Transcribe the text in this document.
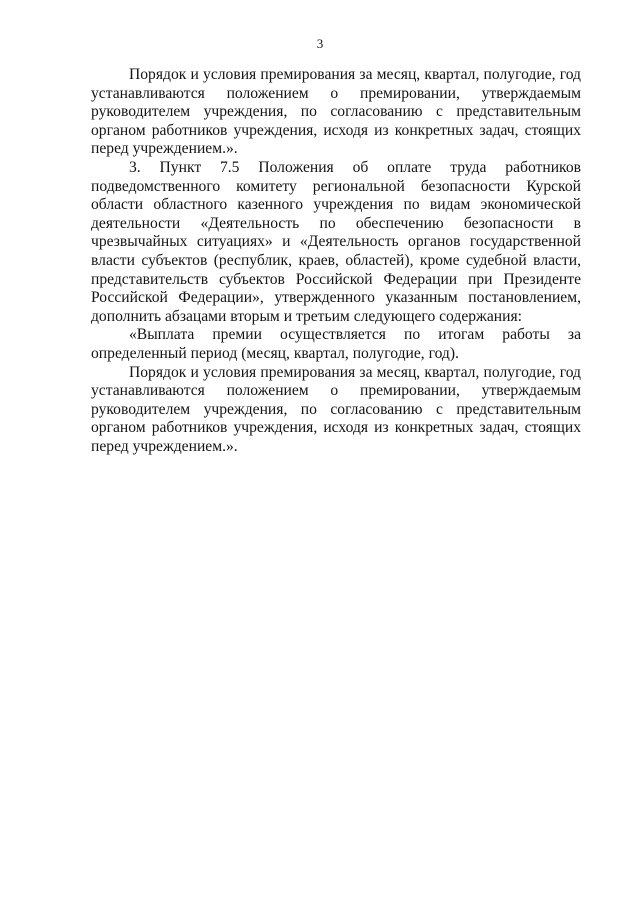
3

Порядок и условия премирования за месяц, квартал, полугодие, год устанавливаются положением о премировании, утверждаемым руководителем учреждения, по согласованию с представительным органом работников учреждения, исходя из конкретных задач, стоящих перед учреждением.».

3. Пункт 7.5 Положения об оплате труда работников подведомственного комитету региональной безопасности Курской области областного казенного учреждения по видам экономической деятельности «Деятельность по обеспечению безопасности в чрезвычайных ситуациях» и «Деятельность органов государственной власти субъектов (республик, краев, областей), кроме судебной власти, представительств субъектов Российской Федерации при Президенте Российской Федерации», утвержденного указанным постановлением, дополнить абзацами вторым и третьим следующего содержания:

«Выплата премии осуществляется по итогам работы за определенный период (месяц, квартал, полугодие, год).

Порядок и условия премирования за месяц, квартал, полугодие, год устанавливаются положением о премировании, утверждаемым руководителем учреждения, по согласованию с представительным органом работников учреждения, исходя из конкретных задач, стоящих перед учреждением.».
